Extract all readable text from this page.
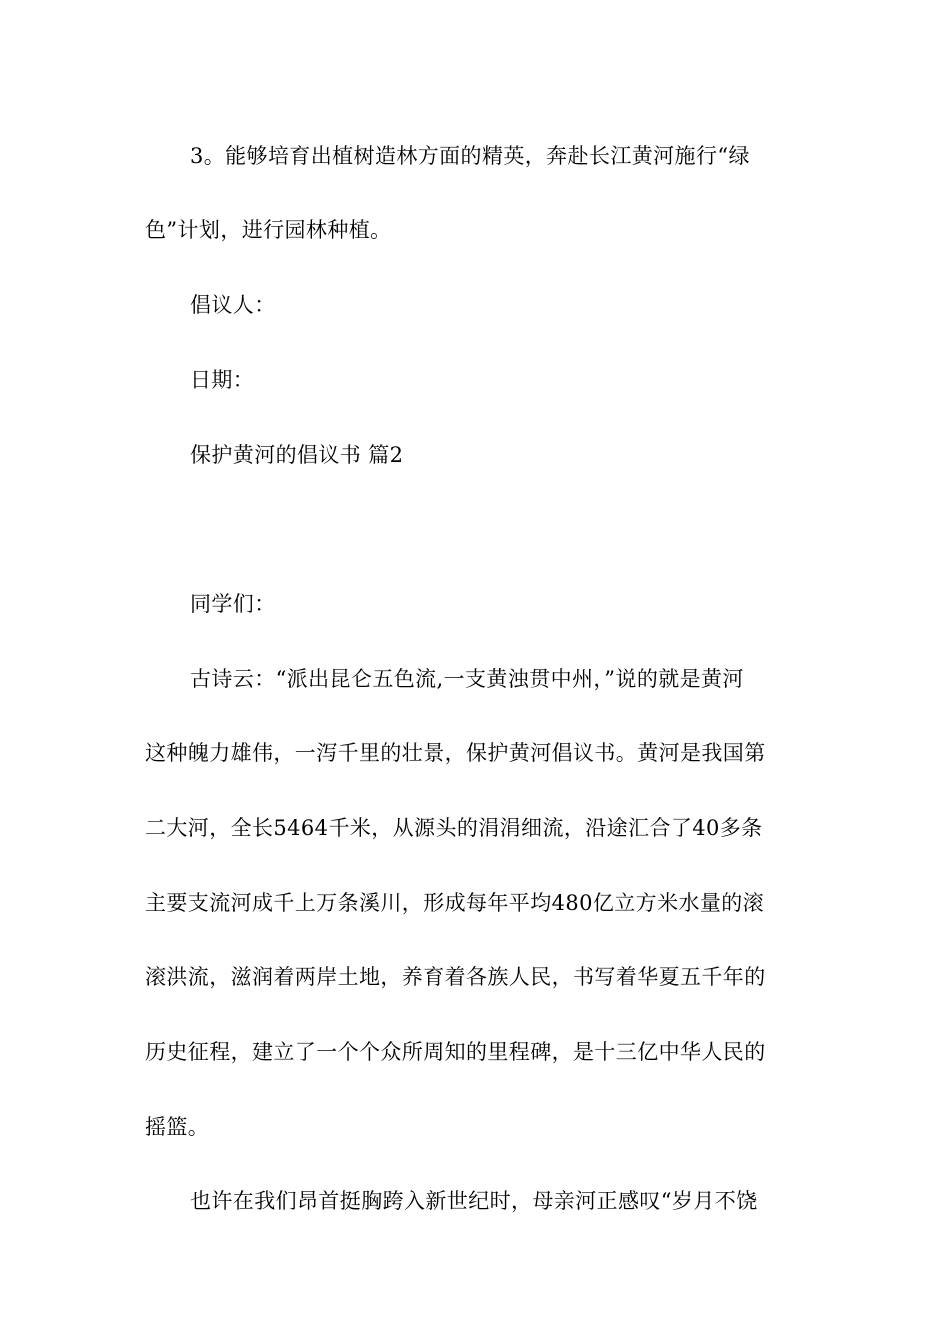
3。能够培育出植树造林方面的精英，奔赴长江黄河施行“绿
色”计划，进行园林种植。
倡议人：
日期：
保护黄河的倡议书 篇2
同学们：
古诗云：“派出昆仑五色流,一支黄浊贯中州，”说的就是黄河
这种魄力雄伟，一泻千里的壮景，保护黄河倡议书。黄河是我国第
二大河，全长5464千米，从源头的涓涓细流，沿途汇合了40多条
主要支流河成千上万条溪川，形成每年平均480亿立方米水量的滚
滚洪流，滋润着两岸土地，养育着各族人民，书写着华夏五千年的
历史征程，建立了一个个众所周知的里程碑，是十三亿中华人民的
摇篮。
也许在我们昂首挺胸跨入新世纪时，母亲河正感叹“岁月不饶
